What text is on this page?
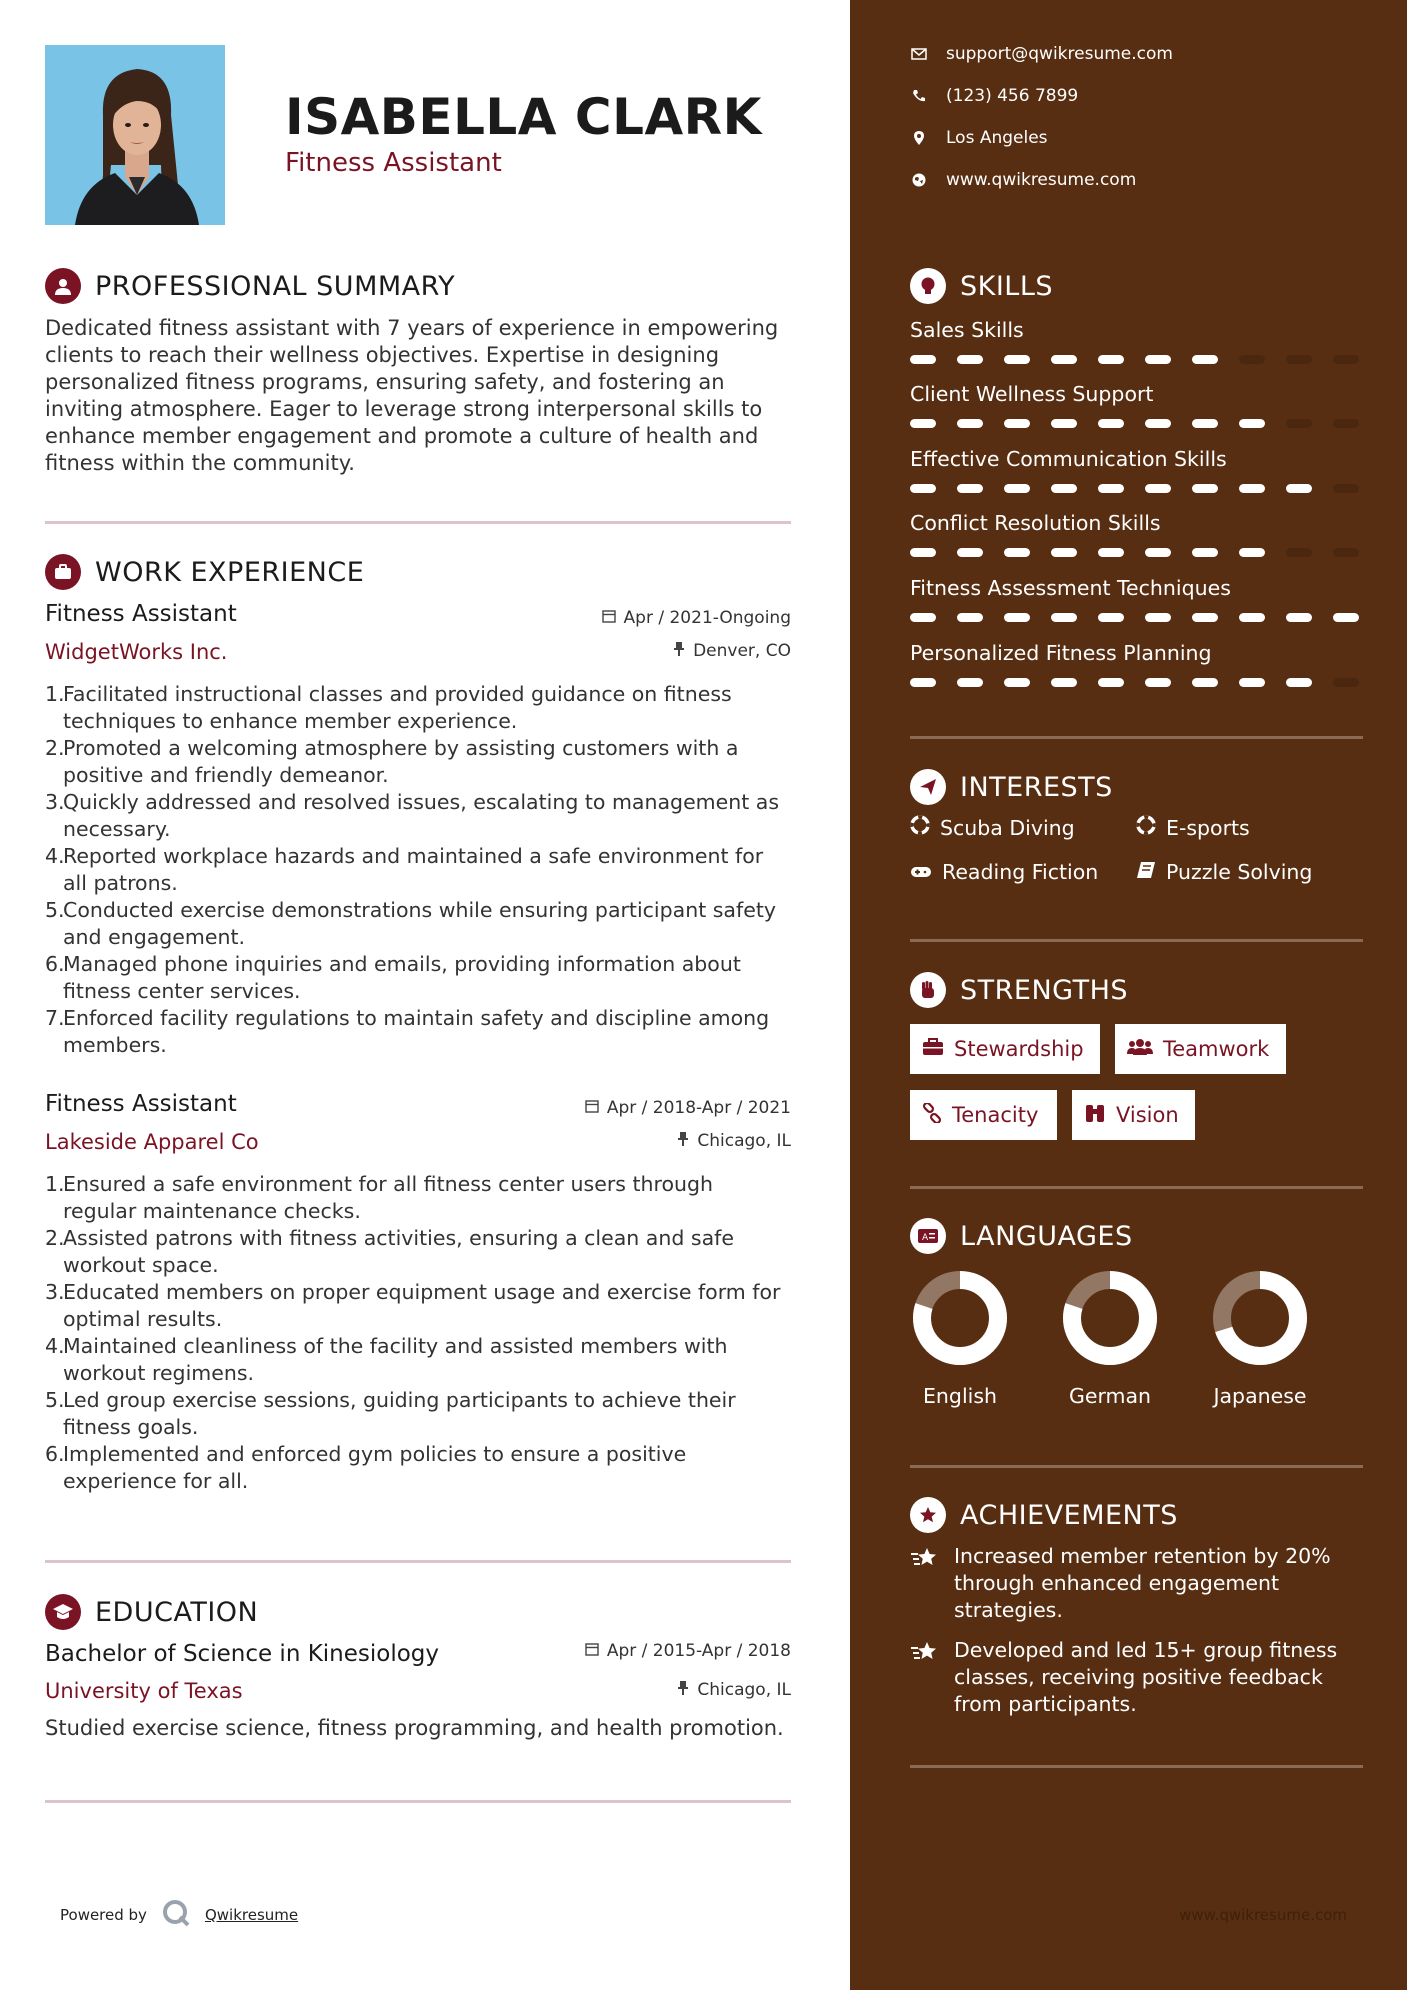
ISABELLA CLARK
Fitness Assistant
PROFESSIONAL SUMMARY
Dedicated fitness assistant with 7 years of experience in empowering clients to reach their wellness objectives. Expertise in designing personalized fitness programs, ensuring safety, and fostering an inviting atmosphere. Eager to leverage strong interpersonal skills to enhance member engagement and promote a culture of health and fitness within the community.
WORK EXPERIENCE
Fitness Assistant	Apr / 2021-Ongoing
WidgetWorks Inc.	Denver, CO
1.
Facilitated instructional classes and provided guidance on fitness techniques to enhance member experience.
2.
Promoted a welcoming atmosphere by assisting customers with a positive and friendly demeanor.
3.
Quickly addressed and resolved issues, escalating to management as necessary.
4.
Reported workplace hazards and maintained a safe environment for all patrons.
5.
Conducted exercise demonstrations while ensuring participant safety and engagement.
6.
Managed phone inquiries and emails, providing information about fitness center services.
7.
Enforced facility regulations to maintain safety and discipline among members.
Fitness Assistant	Apr / 2018-Apr / 2021
Lakeside Apparel Co	Chicago, IL
1.
Ensured a safe environment for all fitness center users through regular maintenance checks.
2.
Assisted patrons with fitness activities, ensuring a clean and safe workout space.
3.
Educated members on proper equipment usage and exercise form for optimal results.
4.
Maintained cleanliness of the facility and assisted members with workout regimens.
5.
Led group exercise sessions, guiding participants to achieve their fitness goals.
6.
Implemented and enforced gym policies to ensure a positive experience for all.
EDUCATION
Bachelor of Science in Kinesiology	Apr / 2015-Apr / 2018
University of Texas	Chicago, IL
Studied exercise science, fitness programming, and health promotion.
Powered by	Qwikresume
support@qwikresume.com
(123) 456 7899
Los Angeles
www.qwikresume.com
SKILLS
Sales Skills
Client Wellness Support
Effective Communication Skills
Conflict Resolution Skills
Fitness Assessment Techniques
Personalized Fitness Planning
INTERESTS
Scuba Diving	E-sports
Reading Fiction	Puzzle Solving
STRENGTHS
Stewardship	Teamwork
Tenacity	Vision
A LANGUAGES
English	German	Japanese
ACHIEVEMENTS
Increased member retention by 20% through enhanced engagement strategies.
Developed and led 15+ group fitness classes, receiving positive feedback from participants.
www.qwikresume.com
